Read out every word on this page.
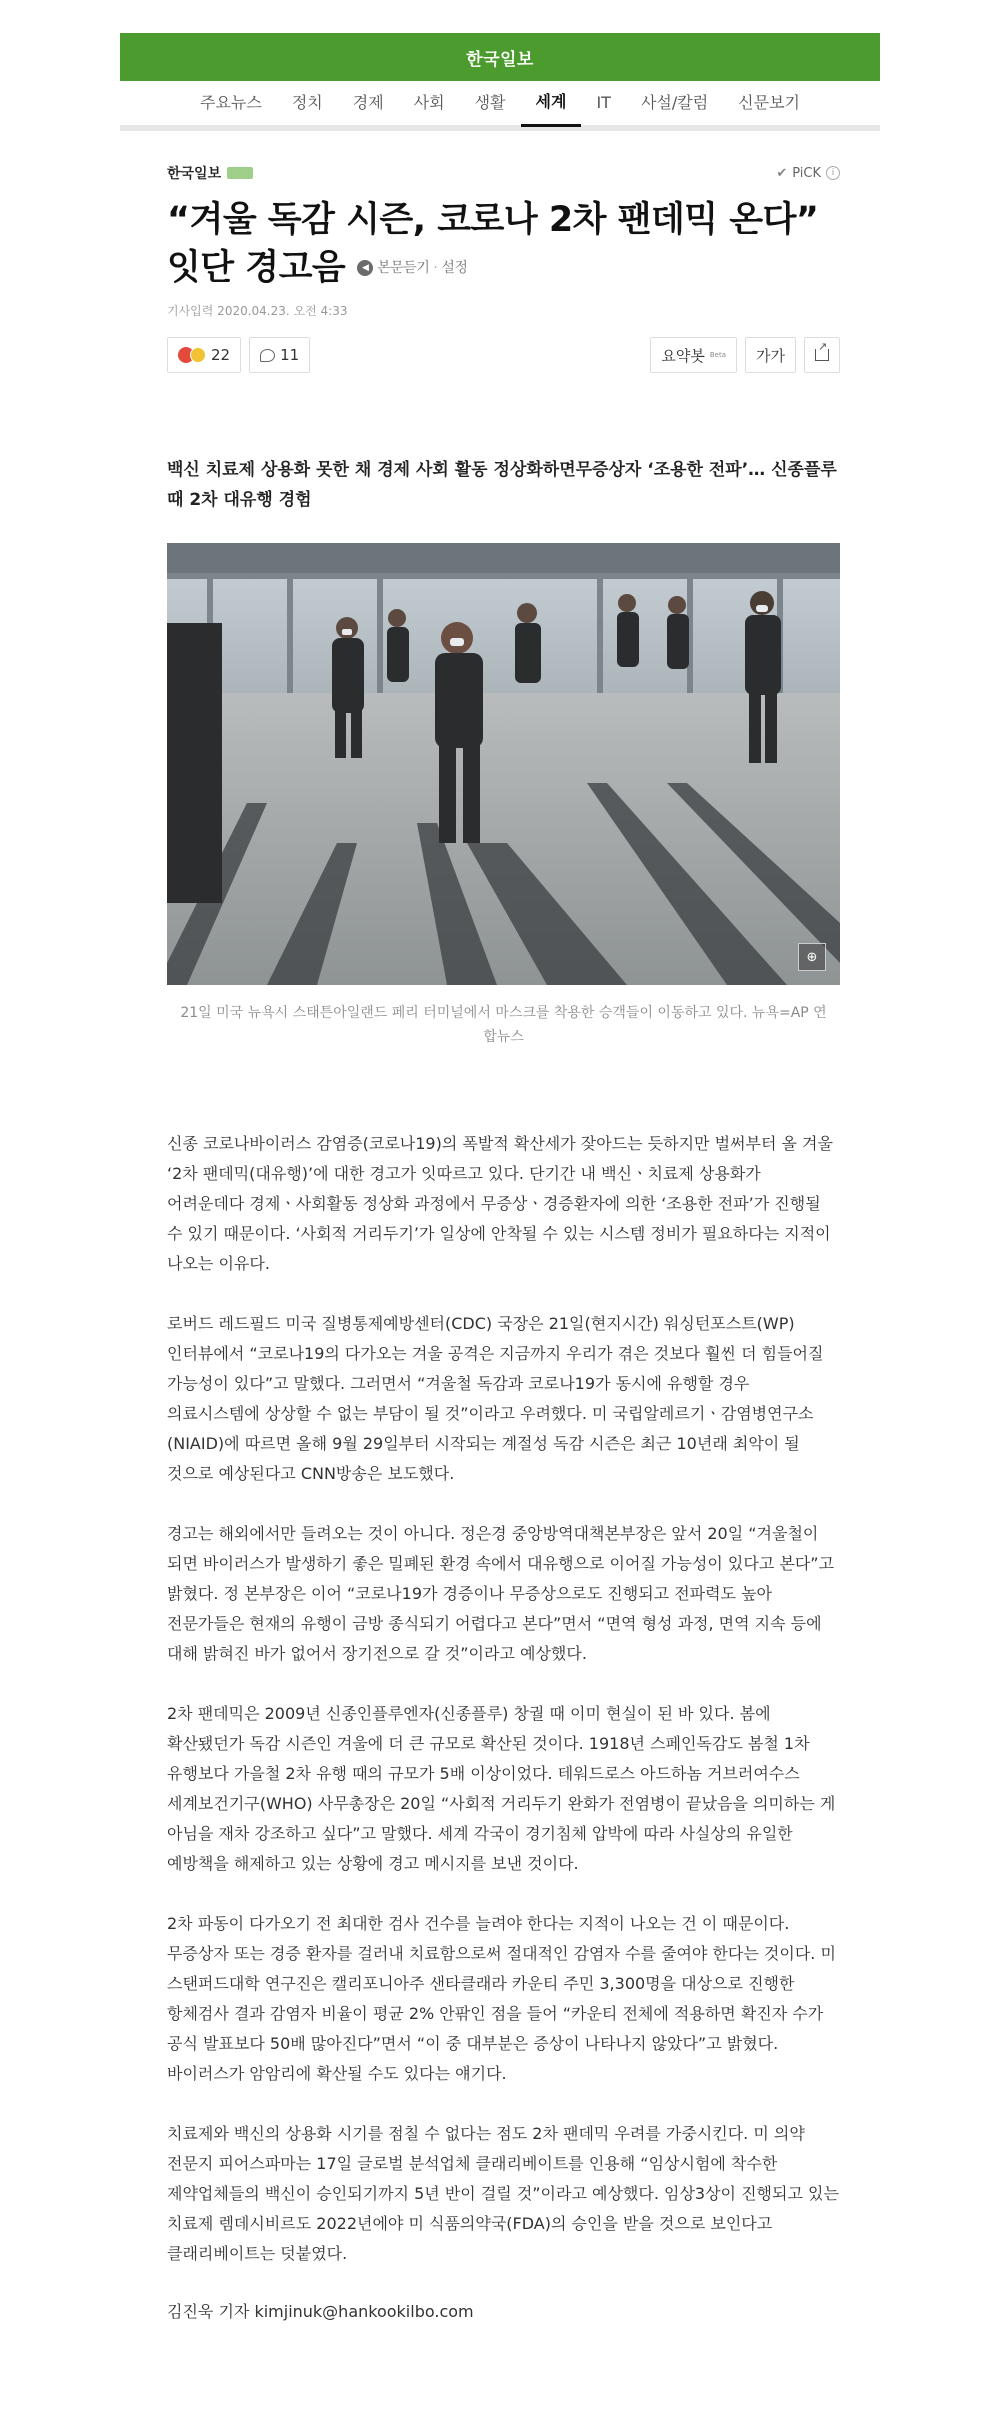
한국일보
주요뉴스	정치	경제	사회	생활	세계	IT	사설/칼럼	신문보기
한국일보	✔ PiCK	i
“겨울 독감 시즌, 코로나 2차 팬데믹 온다”
잇단 경고음	◀ 본문듣기 · 설정
기사입력 2020.04.23. 오전 4:33
22	11	요약봇 Beta 가가
↗
백신 치료제 상용화 못한 채 경제 사회 활동 정상화하면무증상자 ‘조용한 전파’… 신종플루 때 2차 대유행 경험
⊕
21일 미국 뉴욕시 스태튼아일랜드 페리 터미널에서 마스크를 착용한 승객들이 이동하고 있다. 뉴욕=AP 연합뉴스

신종 코로나바이러스 감염증(코로나19)의 폭발적 확산세가 잦아드는 듯하지만 벌써부터 올 겨울 ‘2차 팬데믹(대유행)’에 대한 경고가 잇따르고 있다. 단기간 내 백신ㆍ치료제 상용화가 어려운데다 경제ㆍ사회활동 정상화 과정에서 무증상ㆍ경증환자에 의한 ‘조용한 전파’가 진행될 수 있기 때문이다. ‘사회적 거리두기’가 일상에 안착될 수 있는 시스템 정비가 필요하다는 지적이 나오는 이유다.

로버드 레드필드 미국 질병통제예방센터(CDC) 국장은 21일(현지시간) 워싱턴포스트(WP) 인터뷰에서 “코로나19의 다가오는 겨울 공격은 지금까지 우리가 겪은 것보다 훨씬 더 힘들어질 가능성이 있다”고 말했다. 그러면서 “겨울철 독감과 코로나19가 동시에 유행할 경우 의료시스템에 상상할 수 없는 부담이 될 것”이라고 우려했다. 미 국립알레르기ㆍ감염병연구소(NIAID)에 따르면 올해 9월 29일부터 시작되는 계절성 독감 시즌은 최근 10년래 최악이 될 것으로 예상된다고 CNN방송은 보도했다.

경고는 해외에서만 들려오는 것이 아니다. 정은경 중앙방역대책본부장은 앞서 20일 “겨울철이 되면 바이러스가 발생하기 좋은 밀폐된 환경 속에서 대유행으로 이어질 가능성이 있다고 본다”고 밝혔다. 정 본부장은 이어 “코로나19가 경증이나 무증상으로도 진행되고 전파력도 높아 전문가들은 현재의 유행이 금방 종식되기 어렵다고 본다”면서 “면역 형성 과정, 면역 지속 등에 대해 밝혀진 바가 없어서 장기전으로 갈 것”이라고 예상했다.

2차 팬데믹은 2009년 신종인플루엔자(신종플루) 창궐 때 이미 현실이 된 바 있다. 봄에 확산됐던가 독감 시즌인 겨울에 더 큰 규모로 확산된 것이다. 1918년 스페인독감도 봄철 1차 유행보다 가을철 2차 유행 때의 규모가 5배 이상이었다. 테워드로스 아드하놈 거브러여수스 세계보건기구(WHO) 사무총장은 20일 “사회적 거리두기 완화가 전염병이 끝났음을 의미하는 게 아님을 재차 강조하고 싶다”고 말했다. 세계 각국이 경기침체 압박에 따라 사실상의 유일한 예방책을 해제하고 있는 상황에 경고 메시지를 보낸 것이다.

2차 파동이 다가오기 전 최대한 검사 건수를 늘려야 한다는 지적이 나오는 건 이 때문이다. 무증상자 또는 경증 환자를 걸러내 치료함으로써 절대적인 감염자 수를 줄여야 한다는 것이다. 미 스탠퍼드대학 연구진은 캘리포니아주 샌타클래라 카운티 주민 3,300명을 대상으로 진행한 항체검사 결과 감염자 비율이 평균 2% 안팎인 점을 들어 “카운티 전체에 적용하면 확진자 수가 공식 발표보다 50배 많아진다”면서 “이 중 대부분은 증상이 나타나지 않았다”고 밝혔다. 바이러스가 암암리에 확산될 수도 있다는 얘기다.

치료제와 백신의 상용화 시기를 점칠 수 없다는 점도 2차 팬데믹 우려를 가중시킨다. 미 의약 전문지 피어스파마는 17일 글로벌 분석업체 클래리베이트를 인용해 “임상시험에 착수한 제약업체들의 백신이 승인되기까지 5년 반이 걸릴 것”이라고 예상했다. 임상3상이 진행되고 있는 치료제 렘데시비르도 2022년에야 미 식품의약국(FDA)의 승인을 받을 것으로 보인다고 클래리베이트는 덧붙였다.

김진욱 기자 kimjinuk@hankookilbo.com
